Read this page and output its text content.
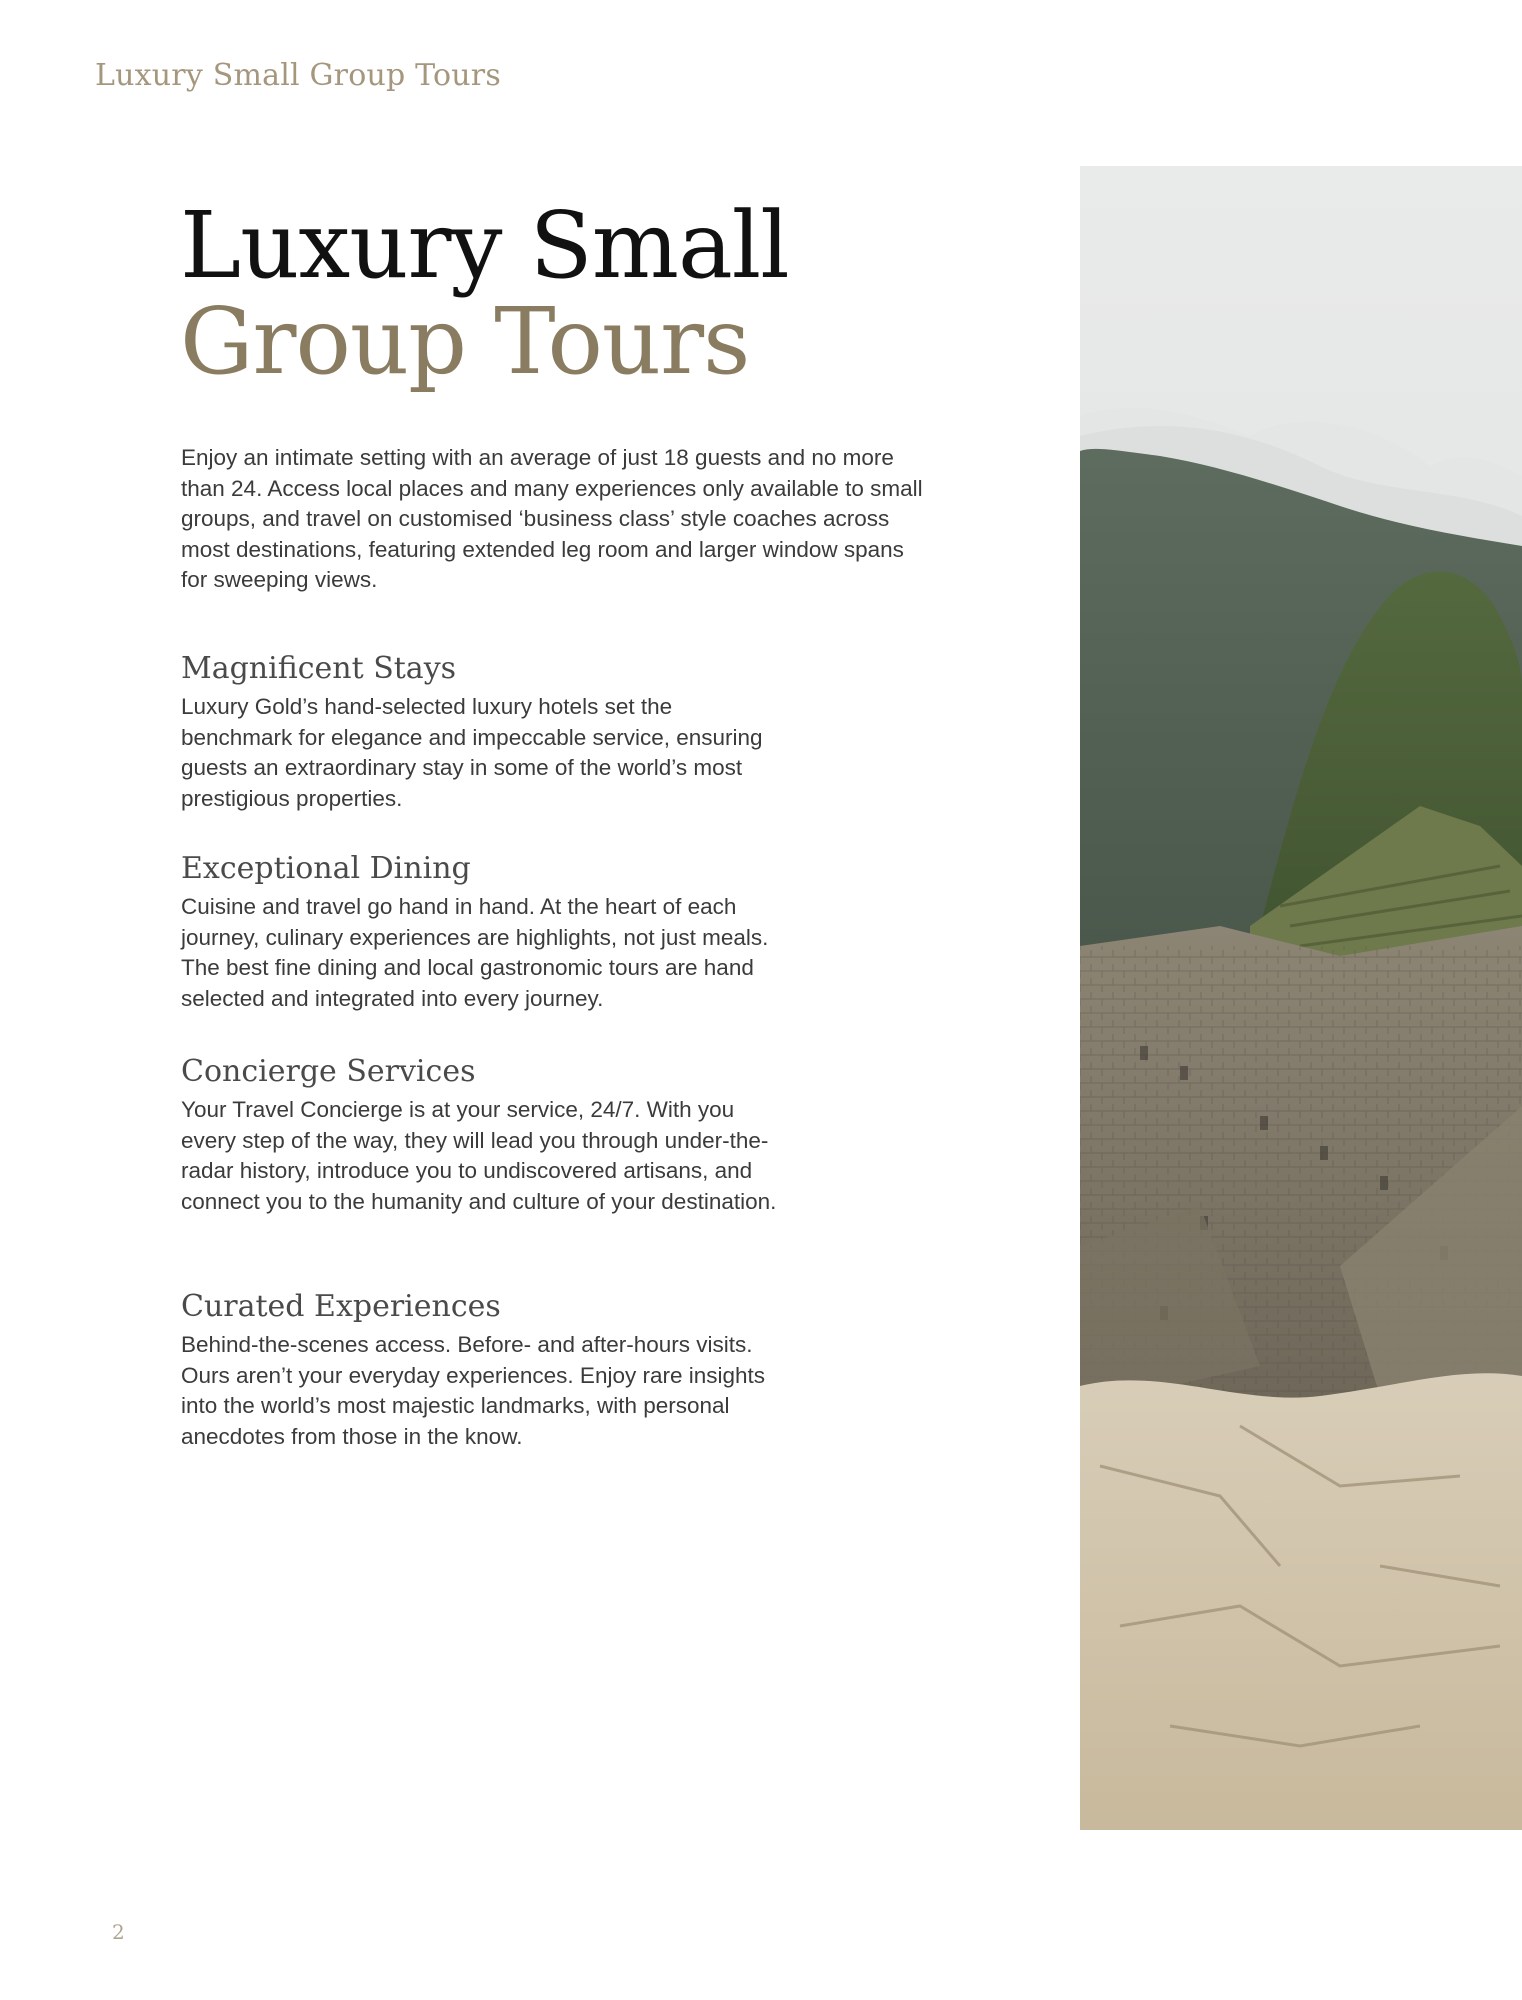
Luxury Small Group Tours
Luxury Small
Group Tours

Enjoy an intimate setting with an average of just 18 guests and no more than 24. Access local places and many experiences only available to small groups, and travel on customised ‘business class’ style coaches across most destinations, featuring extended leg room and larger window spans for sweeping views.

Magnificent Stays

Luxury Gold’s hand-selected luxury hotels set the benchmark for elegance and impeccable service, ensuring guests an extraordinary stay in some of the world’s most prestigious properties.

Exceptional Dining

Cuisine and travel go hand in hand. At the heart of each journey, culinary experiences are highlights, not just meals. The best fine dining and local gastronomic tours are hand selected and integrated into every journey.

Concierge Services

Your Travel Concierge is at your service, 24/7. With you every step of the way, they will lead you through under-the-radar history, introduce you to undiscovered artisans, and connect you to the humanity and culture of your destination.

Curated Experiences

Behind-the-scenes access. Before- and after-hours visits. Ours aren’t your everyday experiences. Enjoy rare insights into the world’s most majestic landmarks, with personal anecdotes from those in the know.

2
